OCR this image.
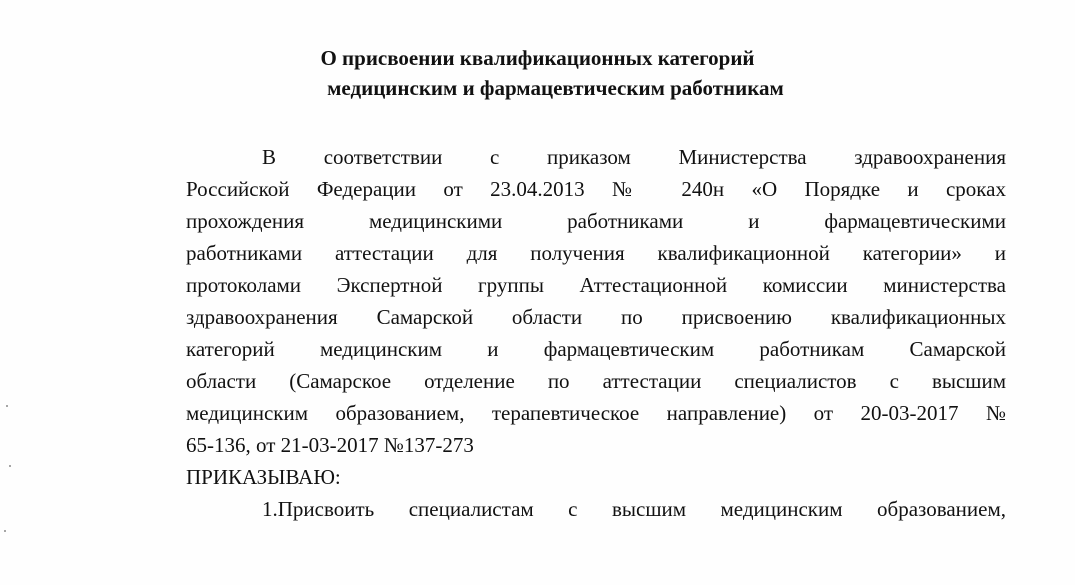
О присвоении квалификационных категорий

медицинским и фармацевтическим работникам

В соответствии с приказом Министерства здравоохранения
Российской Федерации от 23.04.2013 № 240н «О Порядке и сроках
прохождения медицинскими работниками и фармацевтическими
работниками аттестации для получения квалификационной категории» и
протоколами Экспертной группы Аттестационной комиссии министерства
здравоохранения Самарской области по присвоению квалификационных
категорий медицинским и фармацевтическим работникам Самарской
области (Самарское отделение по аттестации специалистов с высшим
медицинским образованием, терапевтическое направление) от 20-03-2017 №
65-136, от 21-03-2017 №137-273
ПРИКАЗЫВАЮ:
1.Присвоить специалистам с высшим медицинским образованием,
